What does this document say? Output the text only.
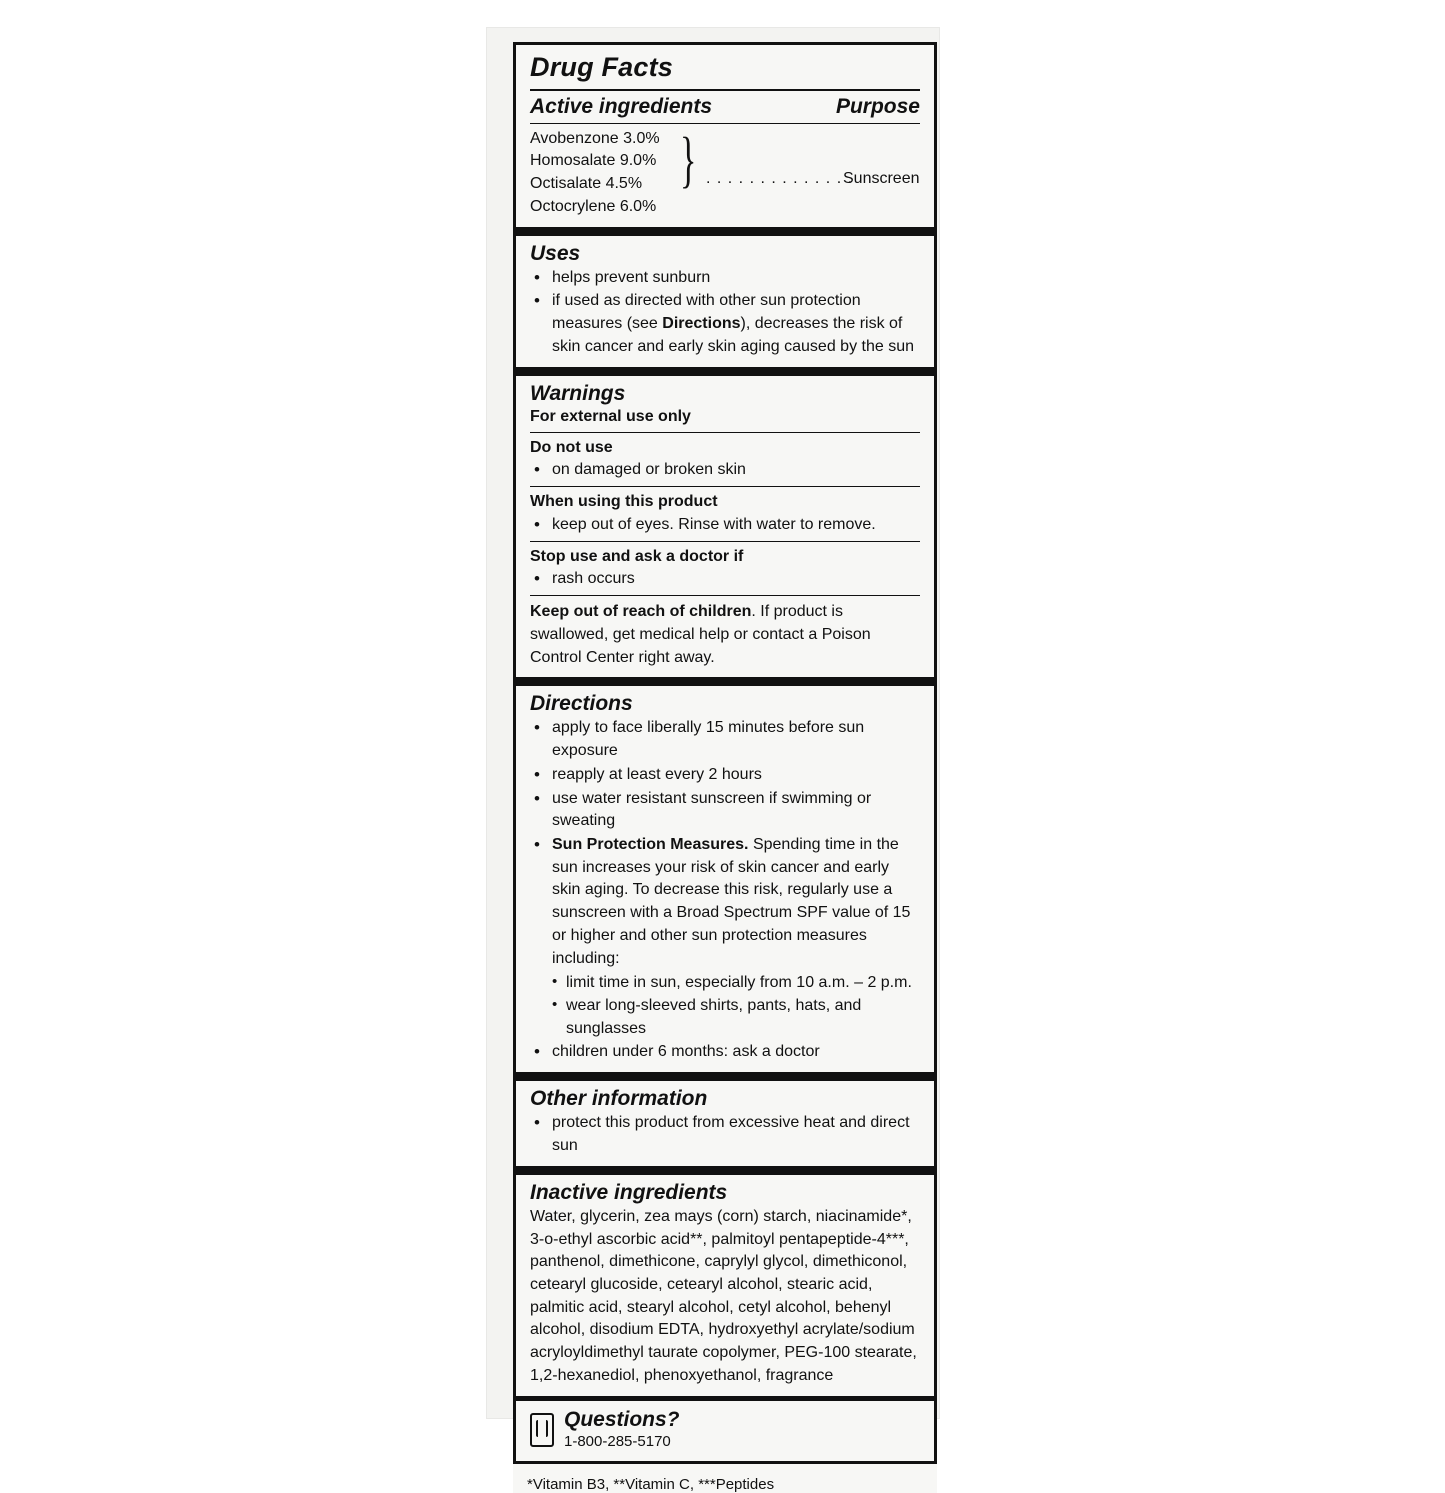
Drug Facts
Active ingredients	Purpose
Avobenzone 3.0%
Homosalate 9.0%
Octisalate 4.5%
Octocrylene 6.0%
} . . . . . . . . . . . . . .
Sunscreen
Uses
• helps prevent sunburn
• if used as directed with other sun protection measures (see Directions), decreases the risk of skin cancer and early skin aging caused by the sun
Warnings
For external use only
Do not use
• on damaged or broken skin
When using this product
• keep out of eyes. Rinse with water to remove.
Stop use and ask a doctor if
• rash occurs
Keep out of reach of children. If product is swallowed, get medical help or contact a Poison Control Center right away.
Directions
• apply to face liberally 15 minutes before sun exposure
• reapply at least every 2 hours
• use water resistant sunscreen if swimming or sweating
• Sun Protection Measures. Spending time in the sun increases your risk of skin cancer and early skin aging. To decrease this risk, regularly use a sunscreen with a Broad Spectrum SPF value of 15 or higher and other sun protection measures including:
• limit time in sun, especially from 10 a.m. – 2 p.m.
• wear long-sleeved shirts, pants, hats, and sunglasses
• children under 6 months: ask a doctor
Other information
• protect this product from excessive heat and direct sun
Inactive ingredients
Water, glycerin, zea mays (corn) starch, niacinamide*, 3-o-ethyl ascorbic acid**, palmitoyl pentapeptide-4***, panthenol, dimethicone, caprylyl glycol, dimethiconol, cetearyl glucoside, cetearyl alcohol, stearic acid, palmitic acid, stearyl alcohol, cetyl alcohol, behenyl alcohol, disodium EDTA, hydroxyethyl acrylate/sodium acryloyldimethyl taurate copolymer, PEG-100 stearate, 1,2-hexanediol, phenoxyethanol, fragrance
Questions?
1-800-285-5170
*Vitamin B3, **Vitamin C, ***Peptides
